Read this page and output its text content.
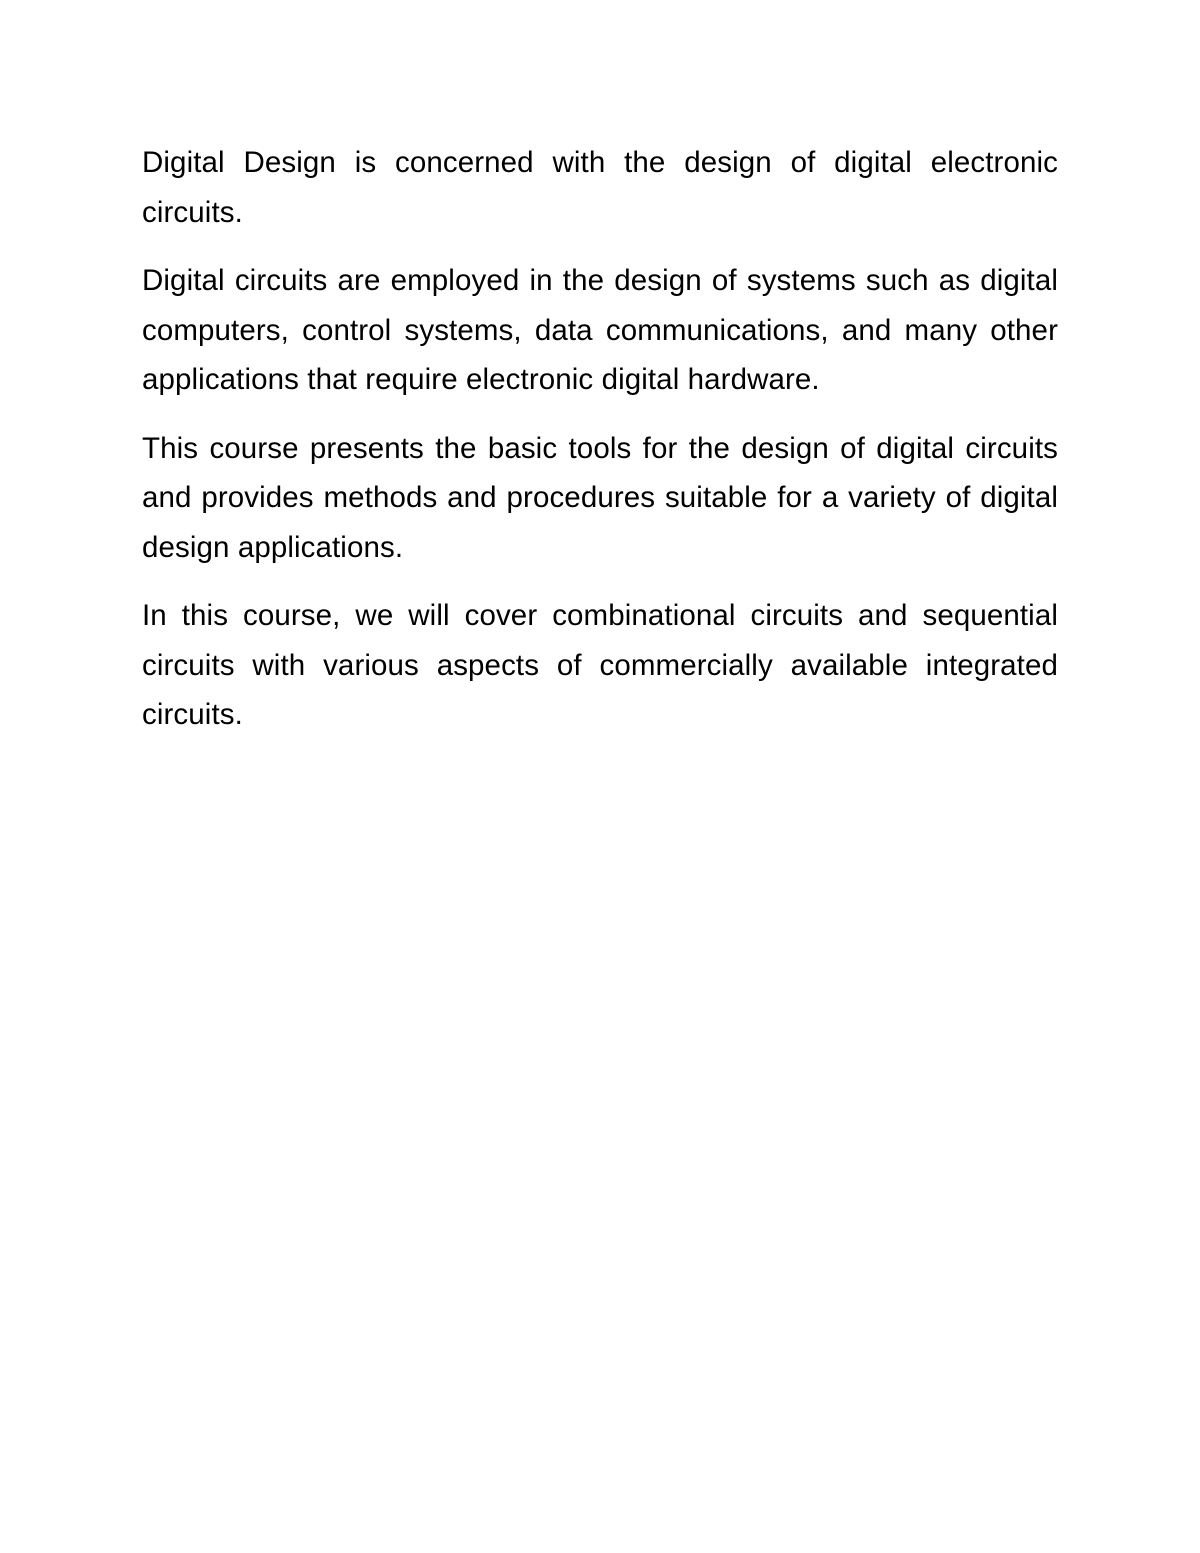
Digital Design is concerned with the design of digital electronic circuits.

Digital circuits are employed in the design of systems such as digital computers, control systems, data communications, and many other applications that require electronic digital hardware.

This course presents the basic tools for the design of digital circuits and provides methods and procedures suitable for a variety of digital design applications.

In this course, we will cover combinational circuits and sequential circuits with various aspects of commercially available integrated circuits.
